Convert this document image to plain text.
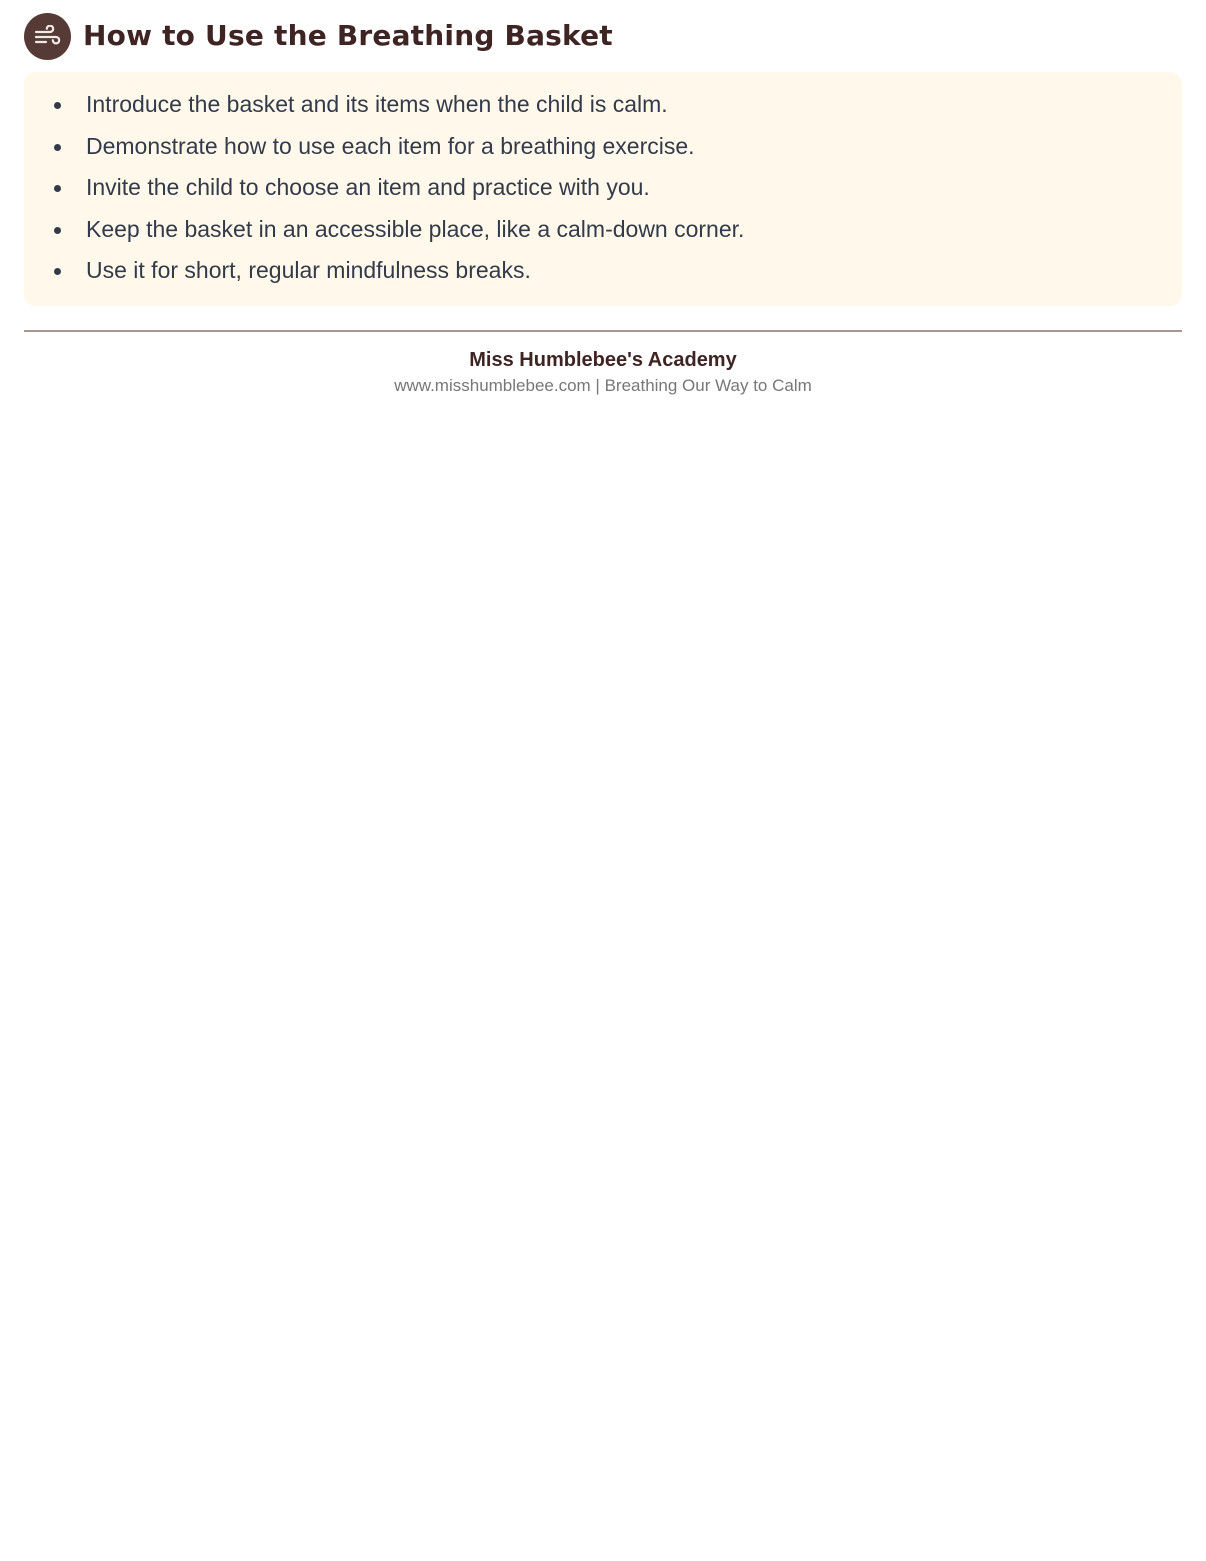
How to Use the Breathing Basket
Introduce the basket and its items when the child is calm.
Demonstrate how to use each item for a breathing exercise.
Invite the child to choose an item and practice with you.
Keep the basket in an accessible place, like a calm-down corner.
Use it for short, regular mindfulness breaks.
Miss Humblebee's Academy
www.misshumblebee.com | Breathing Our Way to Calm
